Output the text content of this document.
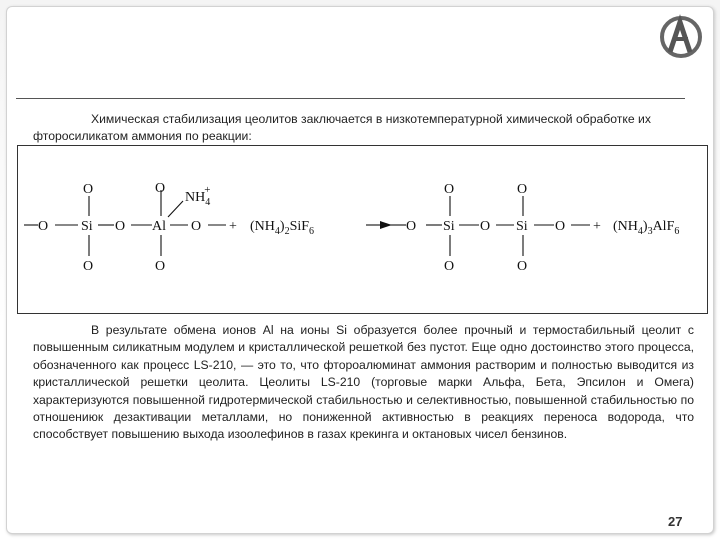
Химическая стабилизация цеолитов заключается в низкотемпературной химической обработке их фторосиликатом аммония по реакции:

O Si O Al O
O
O
O
O
$NH_4+$
+ $(NH_4)_2SiF_6$	O Si O Si O
O
O
O
O
+ $(NH_4)_3AlF_6$

В результате обмена ионов Al на ионы Si образуется более прочный и термостабильный цеолит с повышенным силикатным модулем и кристаллической решеткой без пустот. Еще одно достоинство этого процесса, обозначенного как процесс LS-210, — это то, что фтороалюминат аммония растворим и полностью выводится из кристаллической решетки цеолита. Цеолиты LS-210 (торговые марки Альфа, Бета, Эпсилон и Омега) характеризуются повышенной гидротермической стабильностью и селективностью, повышенной стабильностью по отношениюк дезактивации металлами, но пониженной активностью в реакциях переноса водорода, что способствует повышению выхода изоолефинов в газах крекинга и октановых чисел бензинов.

27
